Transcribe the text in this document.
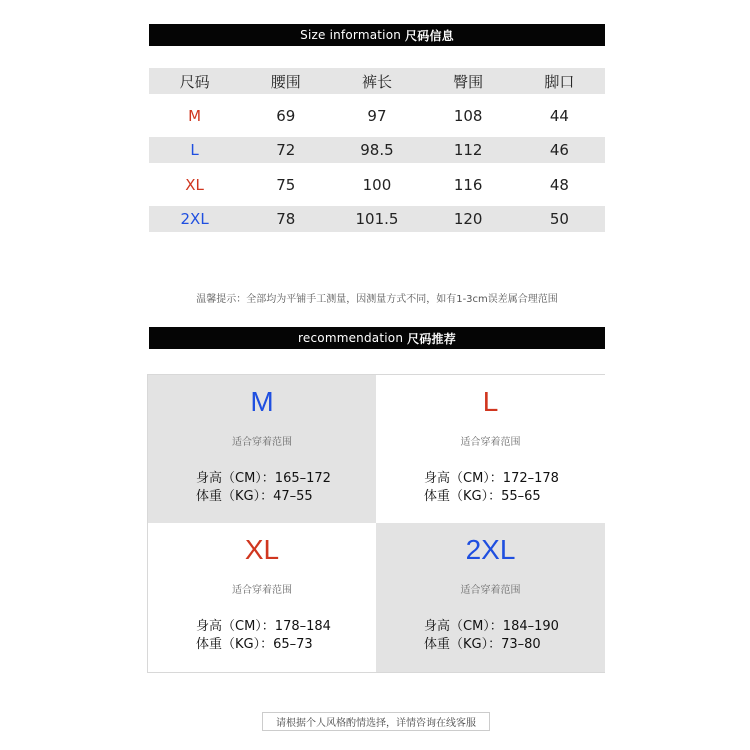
Size information 尺码信息
尺码	腰围	裤长	臀围	脚口
M	69	97	108	44
L	72	98.5	112	46
XL	75	100	116	48
2XL	78	101.5	120	50
温馨提示：全部均为平铺手工测量，因测量方式不同，如有1-3cm误差属合理范围
recommendation 尺码推荐
M
适合穿着范围
身高（CM）：165–172
体重（KG）：47–55
L
适合穿着范围
身高（CM）：172–178
体重（KG）：55–65
XL
适合穿着范围
身高（CM）：178–184
体重（KG）：65–73
2XL
适合穿着范围
身高（CM）：184–190
体重（KG）：73–80
请根据个人风格酌情选择，详情咨询在线客服
